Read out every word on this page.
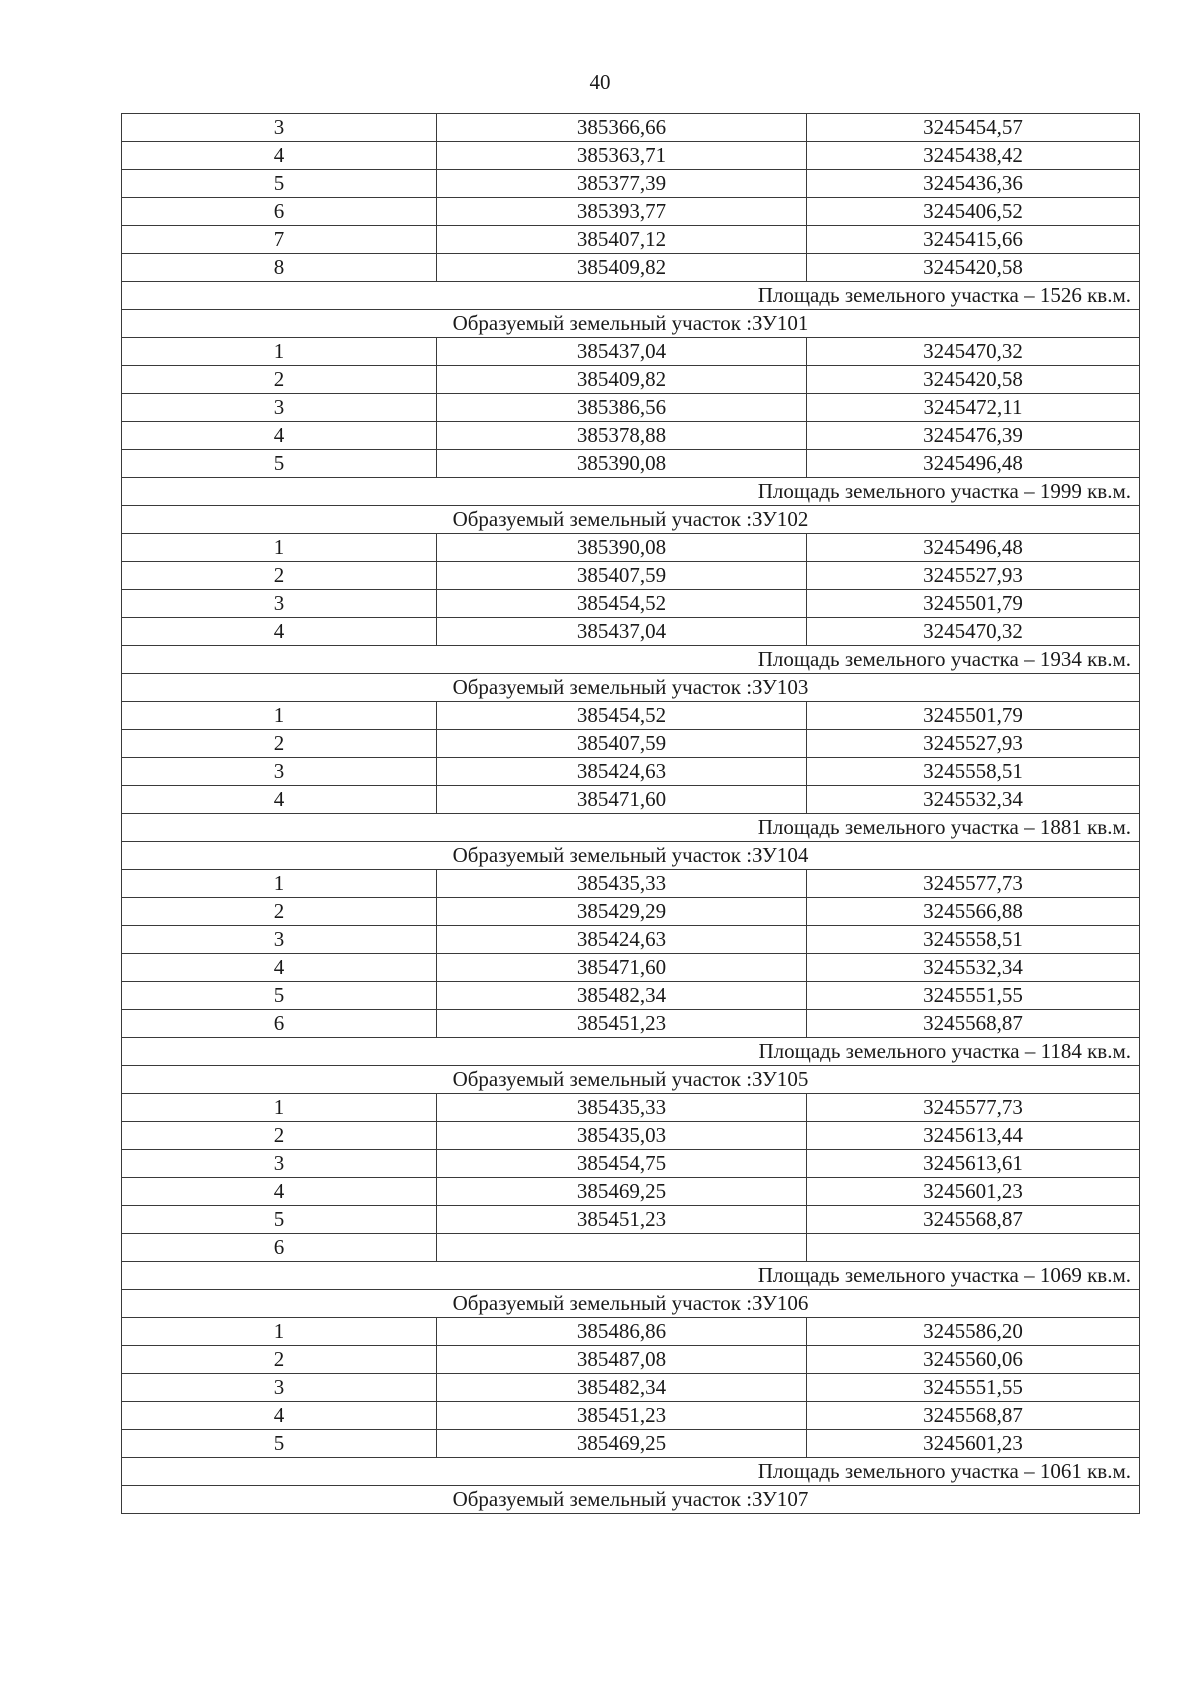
40
3	385366,66	3245454,57
4	385363,71	3245438,42
5	385377,39	3245436,36
6	385393,77	3245406,52
7	385407,12	3245415,66
8	385409,82	3245420,58
Площадь земельного участка – 1526 кв.м.		
Образуемый земельный участок :ЗУ101		
1	385437,04	3245470,32
2	385409,82	3245420,58
3	385386,56	3245472,11
4	385378,88	3245476,39
5	385390,08	3245496,48
Площадь земельного участка – 1999 кв.м.		
Образуемый земельный участок :ЗУ102		
1	385390,08	3245496,48
2	385407,59	3245527,93
3	385454,52	3245501,79
4	385437,04	3245470,32
Площадь земельного участка – 1934 кв.м.		
Образуемый земельный участок :ЗУ103		
1	385454,52	3245501,79
2	385407,59	3245527,93
3	385424,63	3245558,51
4	385471,60	3245532,34
Площадь земельного участка – 1881 кв.м.		
Образуемый земельный участок :ЗУ104		
1	385435,33	3245577,73
2	385429,29	3245566,88
3	385424,63	3245558,51
4	385471,60	3245532,34
5	385482,34	3245551,55
6	385451,23	3245568,87
Площадь земельного участка – 1184 кв.м.		
Образуемый земельный участок :ЗУ105		
1	385435,33	3245577,73
2	385435,03	3245613,44
3	385454,75	3245613,61
4	385469,25	3245601,23
5	385451,23	3245568,87
6		
Площадь земельного участка – 1069 кв.м.		
Образуемый земельный участок :ЗУ106		
1	385486,86	3245586,20
2	385487,08	3245560,06
3	385482,34	3245551,55
4	385451,23	3245568,87
5	385469,25	3245601,23
Площадь земельного участка – 1061 кв.м.		
Образуемый земельный участок :ЗУ107		
